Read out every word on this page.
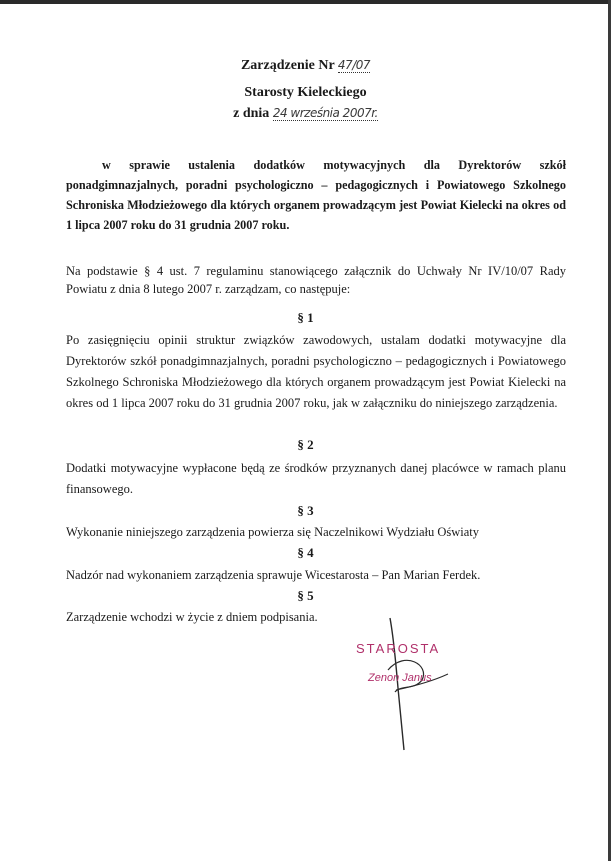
Zarządzenie Nr 47/07
Starosty Kieleckiego
z dnia 24 września 2007r.
w sprawie ustalenia dodatków motywacyjnych dla Dyrektorów szkół ponadgimnazjalnych, poradni psychologiczno – pedagogicznych i Powiatowego Szkolnego Schroniska Młodzieżowego dla których organem prowadzącym jest Powiat Kielecki na okres od 1 lipca 2007 roku do 31 grudnia 2007 roku.
Na podstawie § 4 ust. 7 regulaminu stanowiącego załącznik do Uchwały Nr IV/10/07 Rady Powiatu z dnia 8 lutego 2007 r. zarządzam, co następuje:
§ 1
Po zasięgnięciu opinii struktur związków zawodowych, ustalam dodatki motywacyjne dla Dyrektorów szkół ponadgimnazjalnych, poradni psychologiczno – pedagogicznych i Powiatowego Szkolnego Schroniska Młodzieżowego dla których organem prowadzącym jest Powiat Kielecki na okres od 1 lipca 2007 roku do 31 grudnia 2007 roku, jak w załączniku do niniejszego zarządzenia.
§ 2
Dodatki motywacyjne wypłacone będą ze środków przyznanych danej placówce w ramach planu finansowego.
§ 3
Wykonanie niniejszego zarządzenia powierza się Naczelnikowi Wydziału Oświaty
§ 4
Nadzór nad wykonaniem zarządzenia sprawuje Wicestarosta – Pan Marian Ferdek.
§ 5
Zarządzenie wchodzi w życie z dniem podpisania.
STAROSTA
Zenon Janus
